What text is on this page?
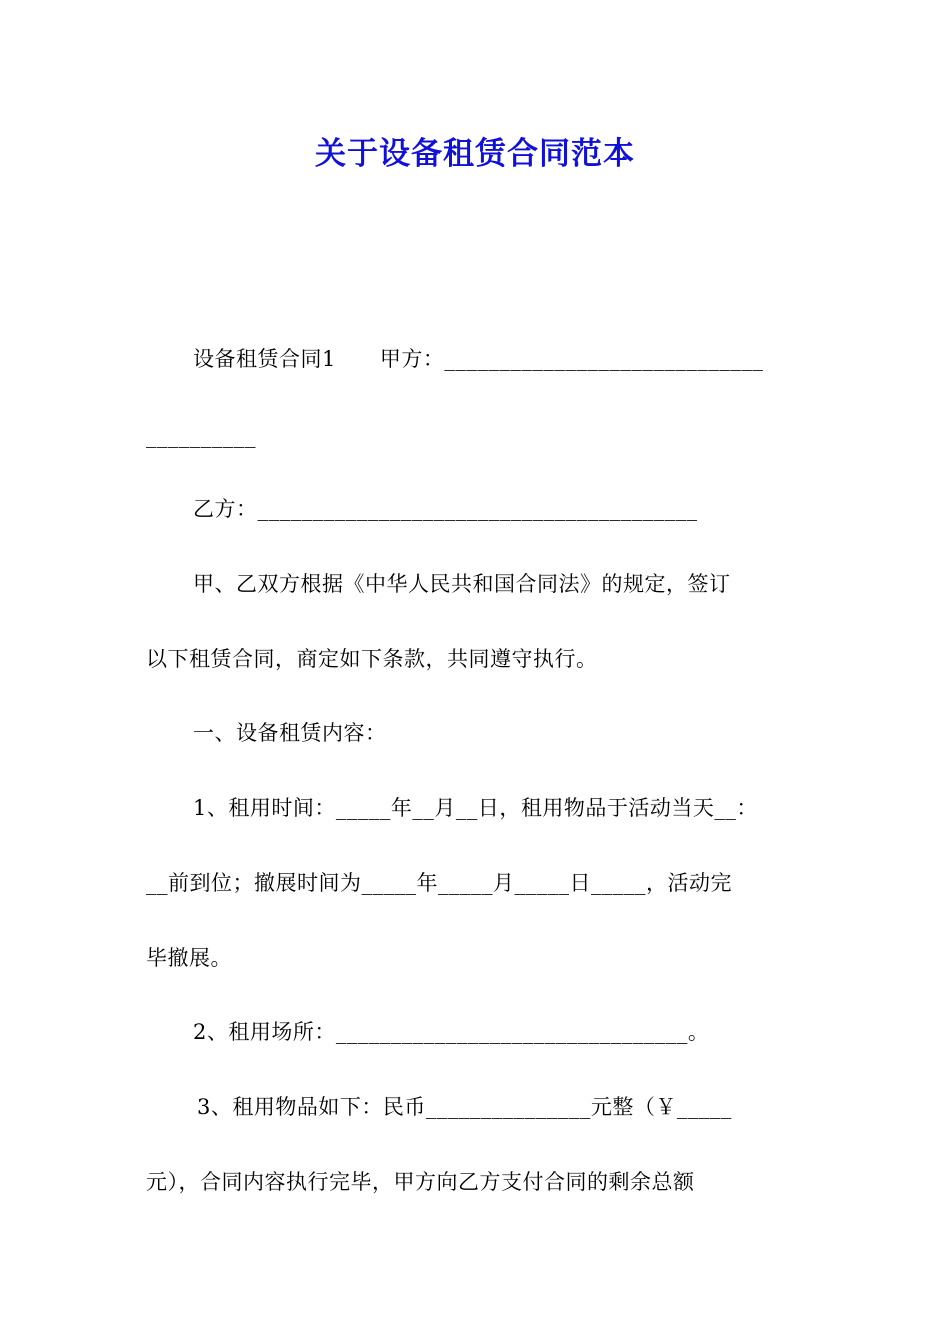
关于设备租赁合同范本
设备租赁合同1 甲方：_____________________________
__________
乙方：________________________________________
甲、乙双方根据《中华人民共和国合同法》的规定，签订
以下租赁合同，商定如下条款，共同遵守执行。
一、设备租赁内容：
1、租用时间：_____年__月__日，租用物品于活动当天__：
__前到位；撤展时间为_____年_____月_____日_____，活动完
毕撤展。
2、租用场所：________________________________。
3、租用物品如下：民币_______________元整（￥_____
元），合同内容执行完毕，甲方向乙方支付合同的剩余总额
